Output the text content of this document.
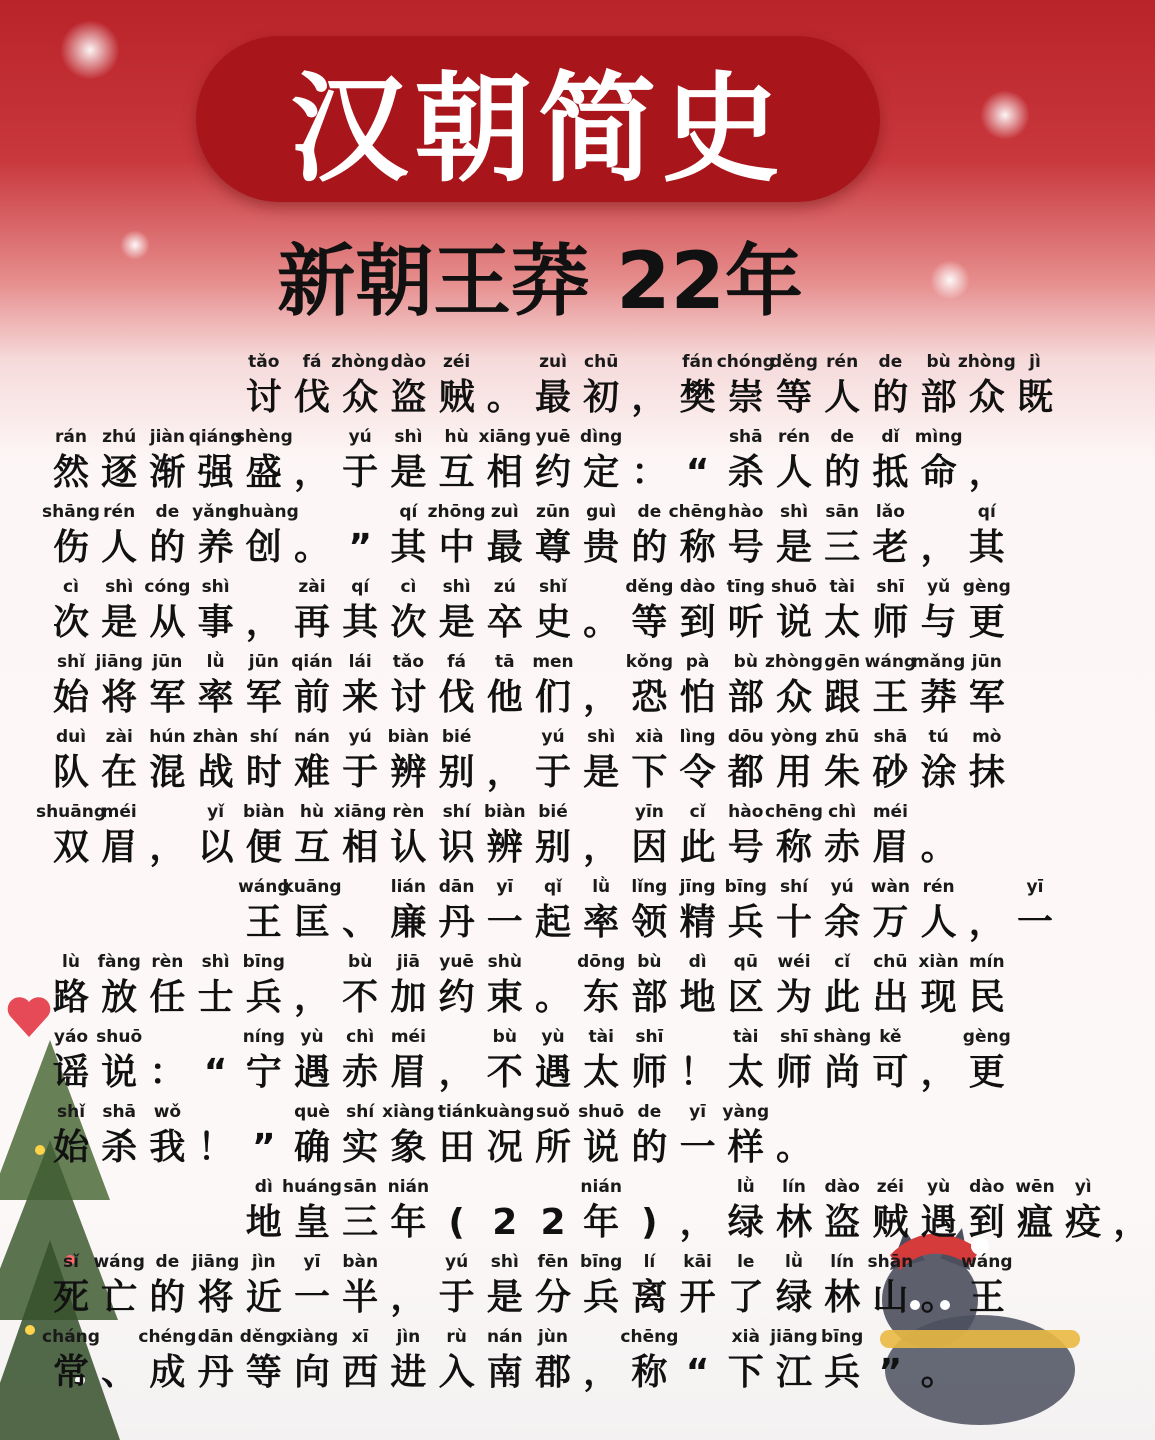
汉朝简史
新朝王莽 22年
tǎo
讨
fá
伐
zhòng
众
dào
盗
zéi
贼 。
zuì
最
chū
初 ，
fán
樊
chóng
崇
děng
等
rén
人
de
的
bù
部
zhòng
众
jì
既
rán
然
zhú
逐
jiàn
渐
qiáng
强
shèng
盛 ，
yú
于
shì
是
hù
互
xiāng
相
yuē
约
dìng
定 ： “
shā
杀
rén
人
de
的
dǐ
抵
mìng
命 ，
shāng
伤
rén
人
de
的
yǎng
养
chuàng
创 。 ”
qí
其
zhōng
中
zuì
最
zūn
尊
guì
贵
de
的
chēng
称
hào
号
shì
是
sān
三
lǎo
老 ，
qí
其
cì
次
shì
是
cóng
从
shì
事 ，
zài
再
qí
其
cì
次
shì
是
zú
卒
shǐ
史 。
děng
等
dào
到
tīng
听
shuō
说
tài
太
shī
师
yǔ
与
gèng
更
shǐ
始
jiāng
将
jūn
军
lǜ
率
jūn
军
qián
前
lái
来
tǎo
讨
fá
伐
tā
他
men
们 ，
kǒng
恐
pà
怕
bù
部
zhòng
众
gēn
跟
wáng
王
mǎng
莽
jūn
军
duì
队
zài
在
hún
混
zhàn
战
shí
时
nán
难
yú
于
biàn
辨
bié
别 ，
yú
于
shì
是
xià
下
lìng
令
dōu
都
yòng
用
zhū
朱
shā
砂
tú
涂
mò
抹
shuāng
双
méi
眉 ，
yǐ
以
biàn
便
hù
互
xiāng
相
rèn
认
shí
识
biàn
辨
bié
别 ，
yīn
因
cǐ
此
hào
号
chēng
称
chì
赤
méi
眉 。
wáng
王
kuāng
匡 、
lián
廉
dān
丹
yī
一
qǐ
起
lǜ
率
lǐng
领
jīng
精
bīng
兵
shí
十
yú
余
wàn
万
rén
人 ，
yī
一
lù
路
fàng
放
rèn
任
shì
士
bīng
兵 ，
bù
不
jiā
加
yuē
约
shù
束 。
dōng
东
bù
部
dì
地
qū
区
wéi
为
cǐ
此
chū
出
xiàn
现
mín
民
yáo
谣
shuō
说 ： “
níng
宁
yù
遇
chì
赤
méi
眉 ，
bù
不
yù
遇
tài
太
shī
师 ！
tài
太
shī
师
shàng
尚
kě
可 ，
gèng
更
shǐ
始
shā
杀
wǒ
我 ！ ”
què
确
shí
实
xiàng
象
tián
田
kuàng
况
suǒ
所
shuō
说
de
的
yī
一
yàng
样 。
dì
地
huáng
皇
sān
三
nián
年 ( 2 2
nián
年 ) ，
lǜ
绿
lín
林
dào
盗
zéi
贼
yù
遇
dào
到
wēn
瘟
yì
疫 ，
sǐ
死
wáng
亡
de
的
jiāng
将
jìn
近
yī
一
bàn
半 ，
yú
于
shì
是
fēn
分
bīng
兵
lí
离
kāi
开
le
了
lǜ
绿
lín
林
shān
山 。
wáng
王
cháng
常 、
chéng
成
dān
丹
děng
等
xiàng
向
xī
西
jìn
进
rù
入
nán
南
jùn
郡 ，
chēng
称 “
xià
下
jiāng
江
bīng
兵 ” 。
